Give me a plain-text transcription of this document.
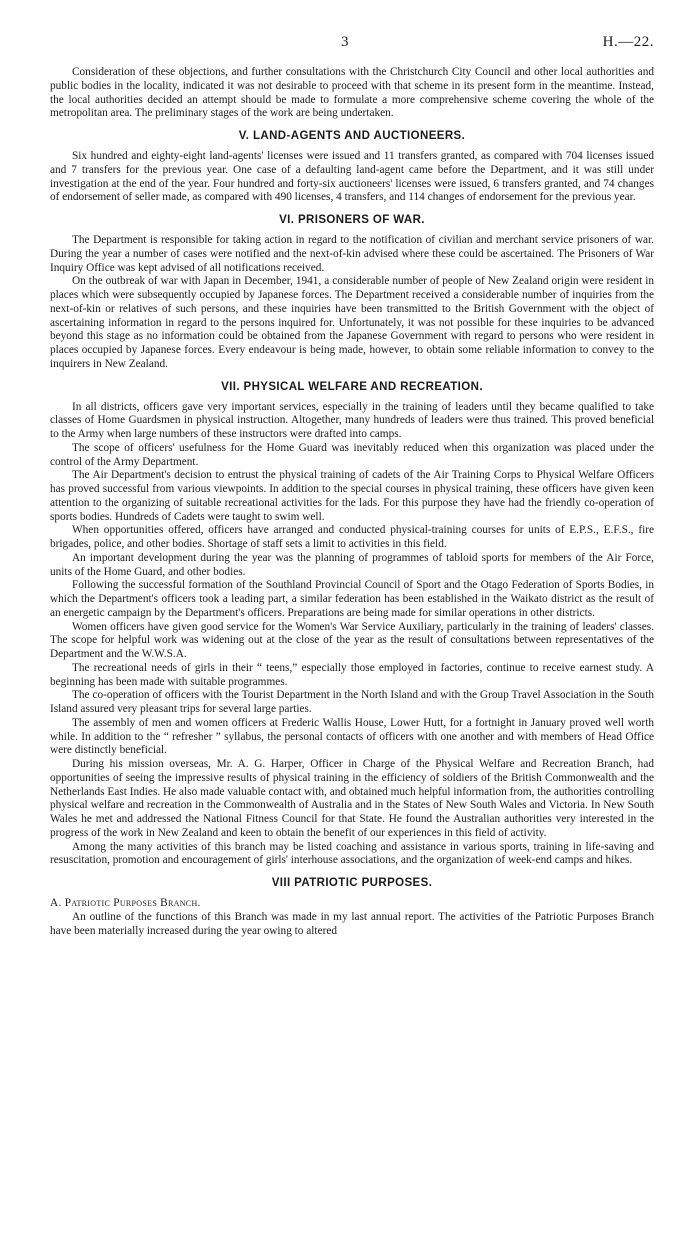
3	H.—22.

Consideration of these objections, and further consultations with the Christchurch City Council and other local authorities and public bodies in the locality, indicated it was not desirable to proceed with that scheme in its present form in the meantime. Instead, the local authorities decided an attempt should be made to formulate a more comprehensive scheme covering the whole of the metropolitan area. The preliminary stages of the work are being undertaken.

V. LAND-AGENTS AND AUCTIONEERS.

Six hundred and eighty-eight land-agents' licenses were issued and 11 transfers granted, as compared with 704 licenses issued and 7 transfers for the previous year. One case of a defaulting land-agent came before the Department, and it was still under investigation at the end of the year. Four hundred and forty-six auctioneers' licenses were issued, 6 transfers granted, and 74 changes of endorsement of seller made, as compared with 490 licenses, 4 transfers, and 114 changes of endorsement for the previous year.

VI. PRISONERS OF WAR.

The Department is responsible for taking action in regard to the notification of civilian and merchant service prisoners of war. During the year a number of cases were notified and the next-of-kin advised where these could be ascertained. The Prisoners of War Inquiry Office was kept advised of all notifications received.

On the outbreak of war with Japan in December, 1941, a considerable number of people of New Zealand origin were resident in places which were subsequently occupied by Japanese forces. The Department received a considerable number of inquiries from the next-of-kin or relatives of such persons, and these inquiries have been transmitted to the British Government with the object of ascertaining information in regard to the persons inquired for. Unfortunately, it was not possible for these inquiries to be advanced beyond this stage as no information could be obtained from the Japanese Government with regard to persons who were resident in places occupied by Japanese forces. Every endeavour is being made, however, to obtain some reliable information to convey to the inquirers in New Zealand.

VII. PHYSICAL WELFARE AND RECREATION.

In all districts, officers gave very important services, especially in the training of leaders until they became qualified to take classes of Home Guardsmen in physical instruction. Altogether, many hundreds of leaders were thus trained. This proved beneficial to the Army when large numbers of these instructors were drafted into camps.

The scope of officers' usefulness for the Home Guard was inevitably reduced when this organization was placed under the control of the Army Department.

The Air Department's decision to entrust the physical training of cadets of the Air Training Corps to Physical Welfare Officers has proved successful from various viewpoints. In addition to the special courses in physical training, these officers have given keen attention to the organizing of suitable recreational activities for the lads. For this purpose they have had the friendly co-operation of sports bodies. Hundreds of Cadets were taught to swim well.

When opportunities offered, officers have arranged and conducted physical-training courses for units of E.P.S., E.F.S., fire brigades, police, and other bodies. Shortage of staff sets a limit to activities in this field.

An important development during the year was the planning of programmes of tabloid sports for members of the Air Force, units of the Home Guard, and other bodies.

Following the successful formation of the Southland Provincial Council of Sport and the Otago Federation of Sports Bodies, in which the Department's officers took a leading part, a similar federation has been established in the Waikato district as the result of an energetic campaign by the Department's officers. Preparations are being made for similar operations in other districts.

Women officers have given good service for the Women's War Service Auxiliary, particularly in the training of leaders' classes. The scope for helpful work was widening out at the close of the year as the result of consultations between representatives of the Department and the W.W.S.A.

The recreational needs of girls in their “ teens,” especially those employed in factories, continue to receive earnest study. A beginning has been made with suitable programmes.

The co-operation of officers with the Tourist Department in the North Island and with the Group Travel Association in the South Island assured very pleasant trips for several large parties.

The assembly of men and women officers at Frederic Wallis House, Lower Hutt, for a fortnight in January proved well worth while. In addition to the “ refresher ” syllabus, the personal contacts of officers with one another and with members of Head Office were distinctly beneficial.

During his mission overseas, Mr. A. G. Harper, Officer in Charge of the Physical Welfare and Recreation Branch, had opportunities of seeing the impressive results of physical training in the efficiency of soldiers of the British Commonwealth and the Netherlands East Indies. He also made valuable contact with, and obtained much helpful information from, the authorities controlling physical welfare and recreation in the Commonwealth of Australia and in the States of New South Wales and Victoria. In New South Wales he met and addressed the National Fitness Council for that State. He found the Australian authorities very interested in the progress of the work in New Zealand and keen to obtain the benefit of our experiences in this field of activity.

Among the many activities of this branch may be listed coaching and assistance in various sports, training in life-saving and resuscitation, promotion and encouragement of girls' interhouse associations, and the organization of week-end camps and hikes.

VIII PATRIOTIC PURPOSES.

A. Patriotic Purposes Branch.

An outline of the functions of this Branch was made in my last annual report. The activities of the Patriotic Purposes Branch have been materially increased during the year owing to altered
